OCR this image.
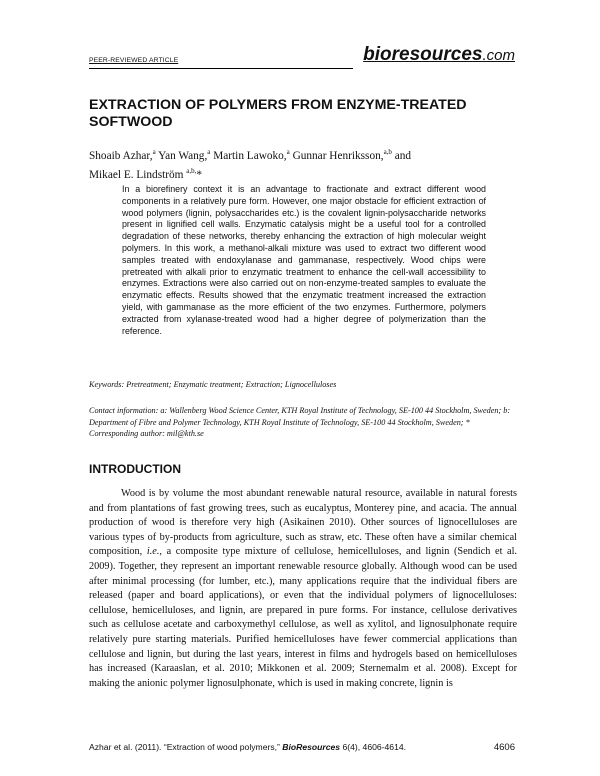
PEER-REVIEWED ARTICLE	bioresources.com
EXTRACTION OF POLYMERS FROM ENZYME-TREATED SOFTWOOD
Shoaib Azhar,$^a$ Yan Wang,$^a$ Martin Lawoko,$^a$ Gunnar Henriksson,$^{a,b}$ and
Mikael E. Lindström $^{a,b,}$*
In a biorefinery context it is an advantage to fractionate and extract different wood components in a relatively pure form. However, one major obstacle for efficient extraction of wood polymers (lignin, polysaccharides etc.) is the covalent lignin-polysaccharide networks present in lignified cell walls. Enzymatic catalysis might be a useful tool for a controlled degradation of these networks, thereby enhancing the extraction of high molecular weight polymers. In this work, a methanol-alkali mixture was used to extract two different wood samples treated with endoxylanase and gammanase, respectively. Wood chips were pretreated with alkali prior to enzymatic treatment to enhance the cell-wall accessibility to enzymes. Extractions were also carried out on non-enzyme-treated samples to evaluate the enzymatic effects. Results showed that the enzymatic treatment increased the extraction yield, with gammanase as the more efficient of the two enzymes. Furthermore, polymers extracted from xylanase-treated wood had a higher degree of polymerization than the reference.
Keywords: Pretreatment; Enzymatic treatment; Extraction; Lignocelluloses
Contact information: a: Wallenberg Wood Science Center, KTH Royal Institute of Technology, SE-100 44 Stockholm, Sweden; b: Department of Fibre and Polymer Technology, KTH Royal Institute of Technology, SE-100 44 Stockholm, Sweden; * Corresponding author: mil@kth.se
INTRODUCTION
Wood is by volume the most abundant renewable natural resource, available in natural forests and from plantations of fast growing trees, such as eucalyptus, Monterey pine, and acacia. The annual production of wood is therefore very high (Asikainen 2010). Other sources of lignocelluloses are various types of by-products from agriculture, such as straw, etc. These often have a similar chemical composition, i.e., a composite type mixture of cellulose, hemicelluloses, and lignin (Sendich et al. 2009). Together, they represent an important renewable resource globally. Although wood can be used after minimal processing (for lumber, etc.), many applications require that the individual fibers are released (paper and board applications), or even that the individual polymers of lignocelluloses: cellulose, hemicelluloses, and lignin, are prepared in pure forms. For instance, cellulose derivatives such as cellulose acetate and carboxymethyl cellulose, as well as xylitol, and lignosulphonate require relatively pure starting materials. Purified hemicelluloses have fewer commercial applications than cellulose and lignin, but during the last years, interest in films and hydrogels based on hemicelluloses has increased (Karaaslan, et al. 2010; Mikkonen et al. 2009; Sternemalm et al. 2008). Except for making the anionic polymer lignosulphonate, which is used in making concrete, lignin is
Azhar et al. (2011). “Extraction of wood polymers,” BioResources 6(4), 4606-4614.	4606
